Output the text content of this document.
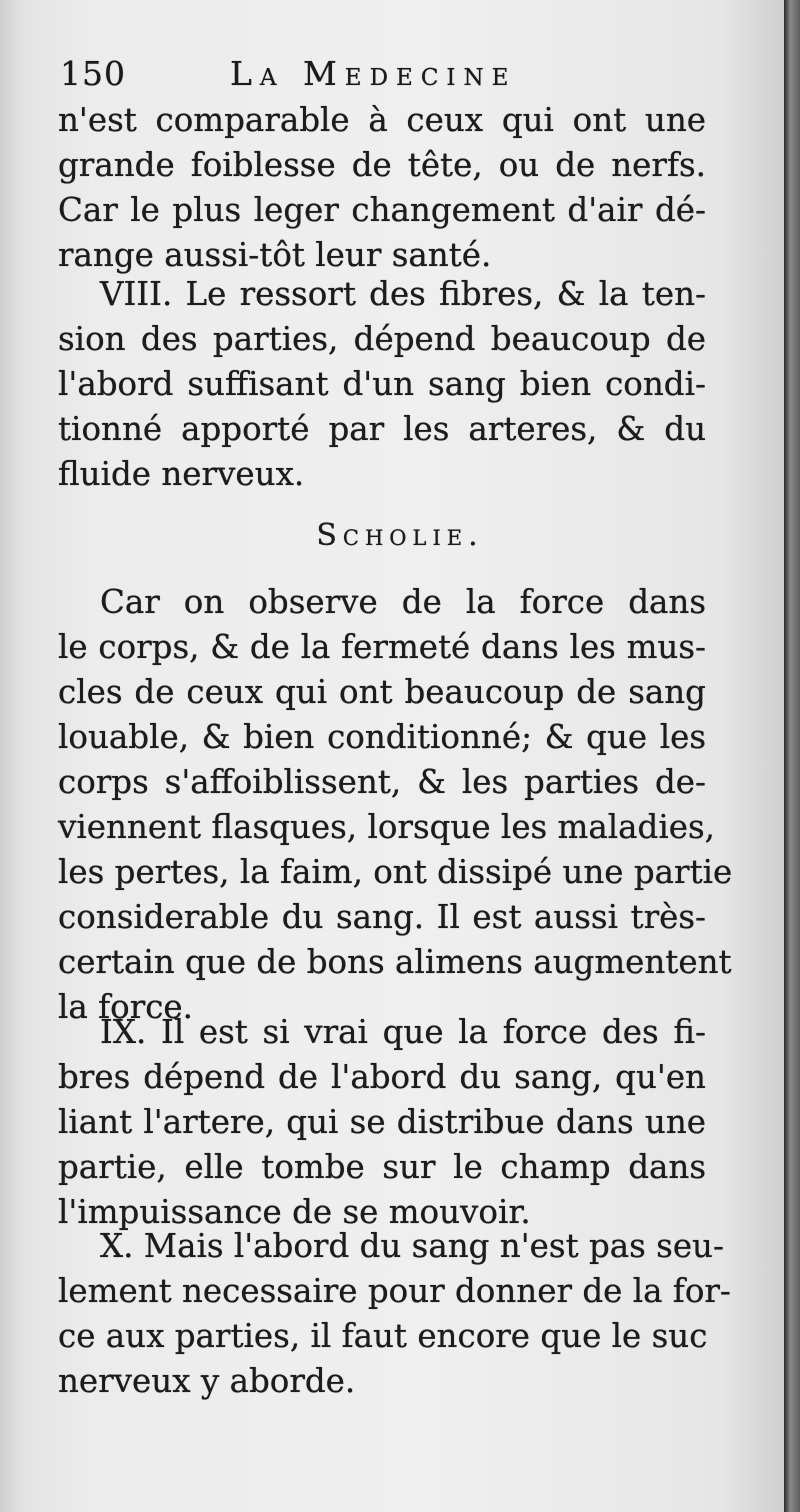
150	La Medecine
n'est comparable à ceux qui ont une
grande foiblesse de tête, ou de nerfs.
Car le plus leger changement d'air dé-
range aussi-tôt leur santé.
VIII. Le ressort des fibres, & la ten-
sion des parties, dépend beaucoup de
l'abord suffisant d'un sang bien condi-
tionné apporté par les arteres, & du
fluide nerveux.
Scholie.
Car on observe de la force dans
le corps, & de la fermeté dans les mus-
cles de ceux qui ont beaucoup de sang
louable, & bien conditionné; & que les
corps s'affoiblissent, & les parties de-
viennent flasques, lorsque les maladies,
les pertes, la faim, ont dissipé une partie
considerable du sang. Il est aussi très-
certain que de bons alimens augmentent
la force.
IX. Il est si vrai que la force des fi-
bres dépend de l'abord du sang, qu'en
liant l'artere, qui se distribue dans une
partie, elle tombe sur le champ dans
l'impuissance de se mouvoir.
X. Mais l'abord du sang n'est pas seu-
lement necessaire pour donner de la for-
ce aux parties, il faut encore que le suc
nerveux y aborde.
